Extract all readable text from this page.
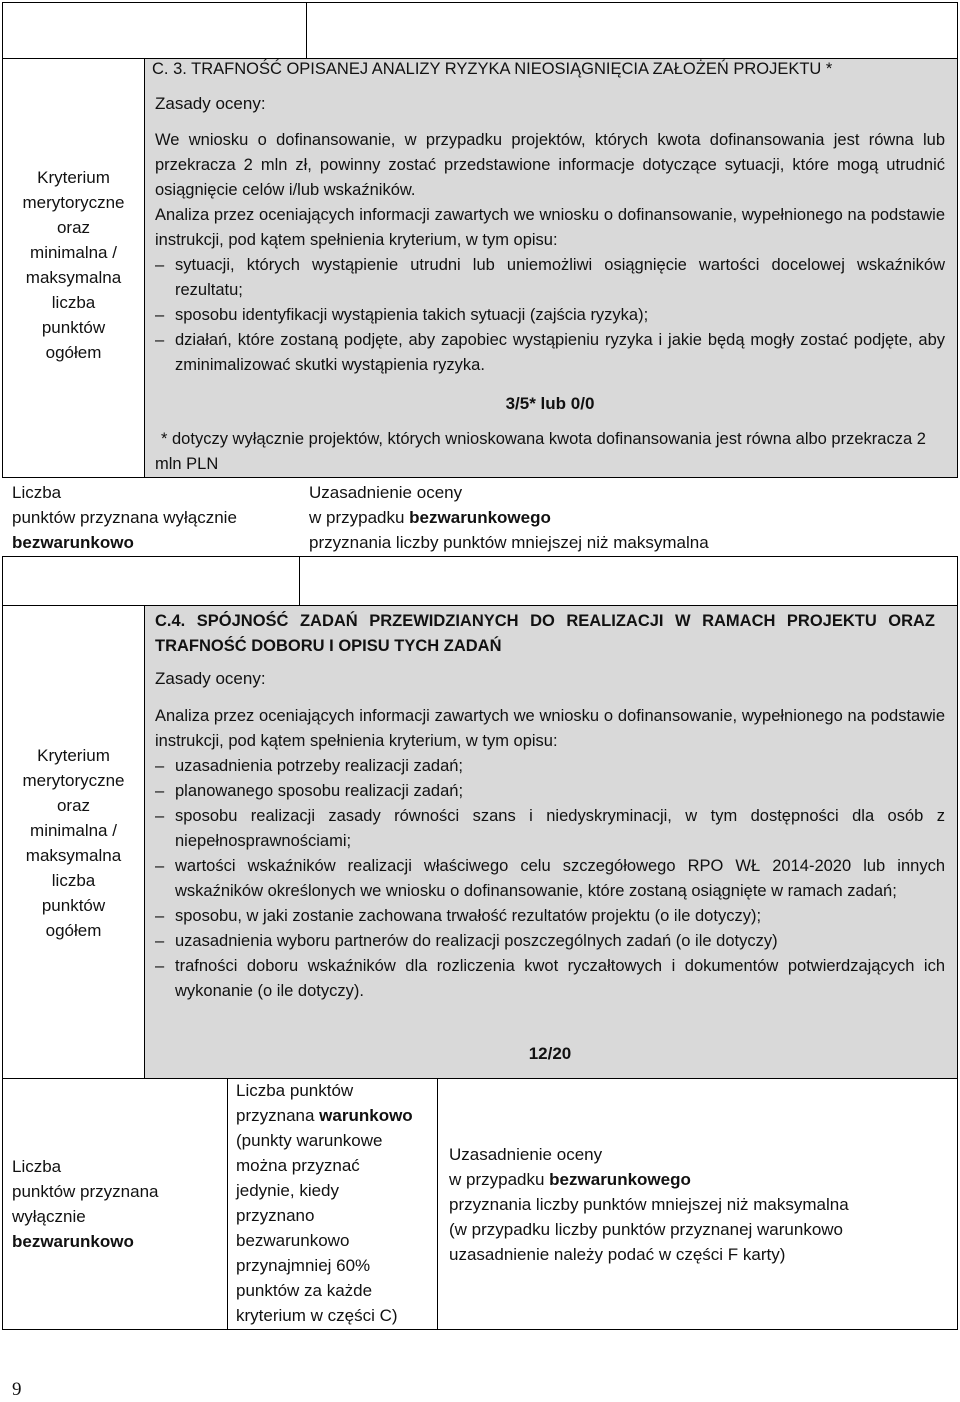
Kryterium
merytoryczne
oraz
minimalna /
maksymalna
liczba
punktów
ogółem
C. 3. TRAFNOŚĆ OPISANEJ ANALIZY RYZYKA NIEOSIĄGNIĘCIA ZAŁOŻEŃ PROJEKTU *
Zasady oceny:
We wniosku o dofinansowanie, w przypadku projektów, których kwota dofinansowania jest równa lub przekracza 2 mln zł, powinny zostać przedstawione informacje dotyczące sytuacji, które mogą utrudnić osiągnięcie celów i/lub wskaźników.
Analiza przez oceniających informacji zawartych we wniosku o dofinansowanie, wypełnionego na podstawie instrukcji, pod kątem spełnienia kryterium, w tym opisu:
– sytuacji, których wystąpienie utrudni lub uniemożliwi osiągnięcie wartości docelowej wskaźników rezultatu;
– sposobu identyfikacji wystąpienia takich sytuacji (zajścia ryzyka);
– działań, które zostaną podjęte, aby zapobiec wystąpieniu ryzyka i jakie będą mogły zostać podjęte, aby zminimalizować skutki wystąpienia ryzyka.
3/5* lub 0/0
* dotyczy wyłącznie projektów, których wnioskowana kwota dofinansowania jest równa albo przekracza 2 mln PLN
Liczba
punktów przyznana wyłącznie
bezwarunkowo
Uzasadnienie oceny
w przypadku bezwarunkowego
przyznania liczby punktów mniejszej niż maksymalna
Kryterium
merytoryczne
oraz
minimalna /
maksymalna
liczba
punktów
ogółem
C.4. SPÓJNOŚĆ ZADAŃ PRZEWIDZIANYCH DO REALIZACJI W RAMACH PROJEKTU ORAZ TRAFNOŚĆ DOBORU I OPISU TYCH ZADAŃ
Zasady oceny:
Analiza przez oceniających informacji zawartych we wniosku o dofinansowanie, wypełnionego na podstawie instrukcji, pod kątem spełnienia kryterium, w tym opisu:
– uzasadnienia potrzeby realizacji zadań;
– planowanego sposobu realizacji zadań;
– sposobu realizacji zasady równości szans i niedyskryminacji, w tym dostępności dla osób z niepełnosprawnościami;
– wartości wskaźników realizacji właściwego celu szczegółowego RPO WŁ 2014-2020 lub innych wskaźników określonych we wniosku o dofinansowanie, które zostaną osiągnięte w ramach zadań;
– sposobu, w jaki zostanie zachowana trwałość rezultatów projektu (o ile dotyczy);
– uzasadnienia wyboru partnerów do realizacji poszczególnych zadań (o ile dotyczy)
– trafności doboru wskaźników dla rozliczenia kwot ryczałtowych i dokumentów potwierdzających ich wykonanie (o ile dotyczy).
12/20
Liczba
punktów przyznana
wyłącznie
bezwarunkowo
Liczba punktów
przyznana warunkowo
(punkty warunkowe
można przyznać
jedynie, kiedy
przyznano
bezwarunkowo
przynajmniej 60%
punktów za każde
kryterium w części C)
Uzasadnienie oceny
w przypadku bezwarunkowego
przyznania liczby punktów mniejszej niż maksymalna
(w przypadku liczby punktów przyznanej warunkowo
uzasadnienie należy podać w części F karty)
9
